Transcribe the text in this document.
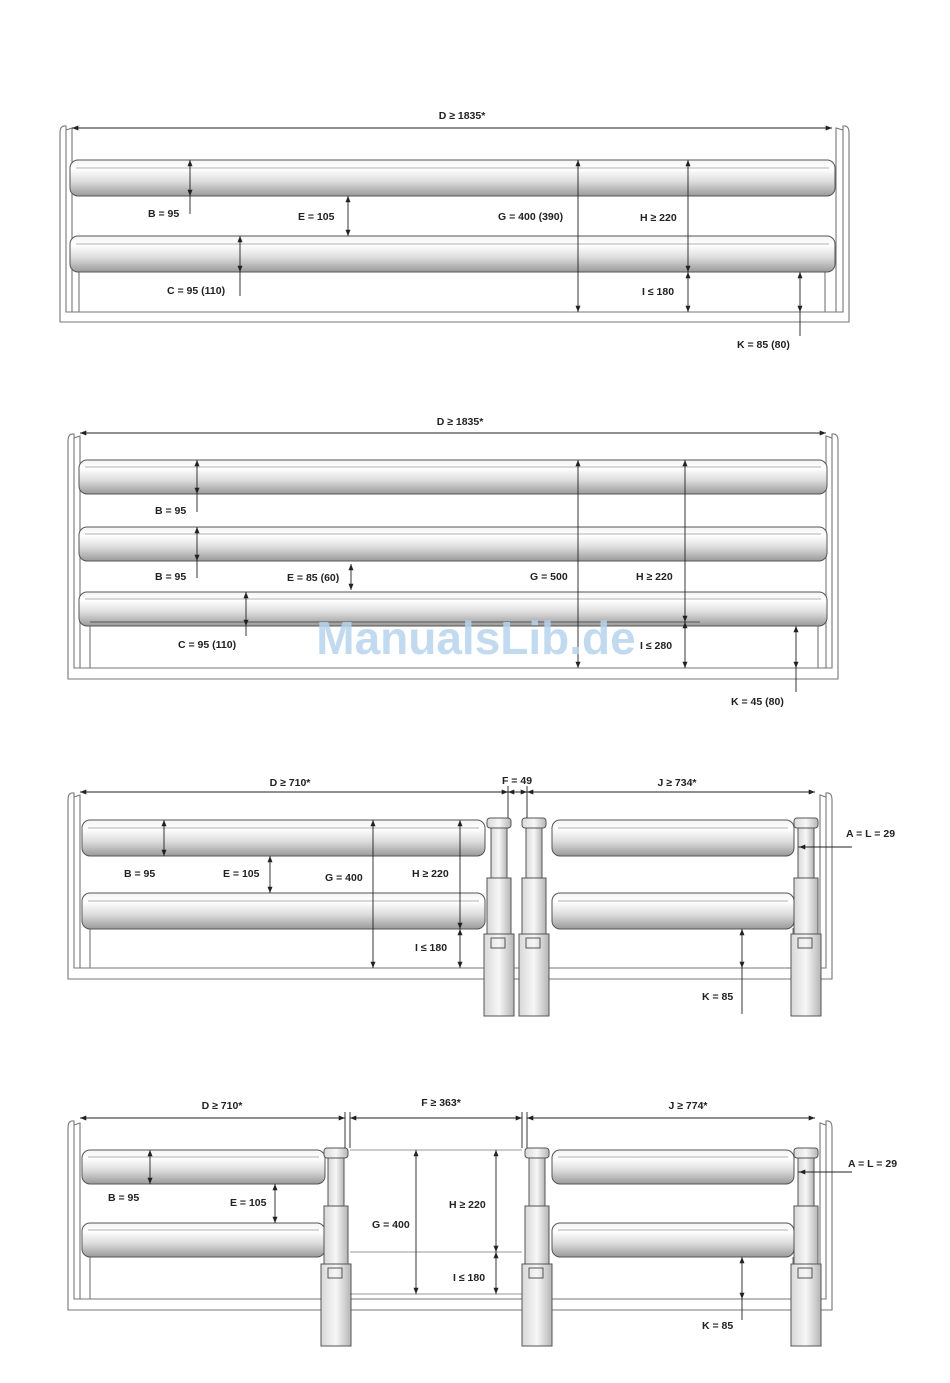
D ≥ 1835*
B = 95	E = 105	G = 400 (390)	H ≥ 220
C = 95 (110)	I ≤ 180
K = 85 (80)
D ≥ 1835*
B = 95
B = 95	E = 85 (60)	G = 500	H ≥ 220
C = 95 (110)	I ≤ 280
K = 45 (80)
ManualsLib.de
D ≥ 710*	F = 49	J ≥ 734*
A = L = 29
B = 95	E = 105	G = 400	H ≥ 220
I ≤ 180
K = 85
D ≥ 710*	F ≥ 363*	J ≥ 774*
A = L = 29
B = 95	E = 105
G = 400
H ≥ 220
I ≤ 180
K = 85
